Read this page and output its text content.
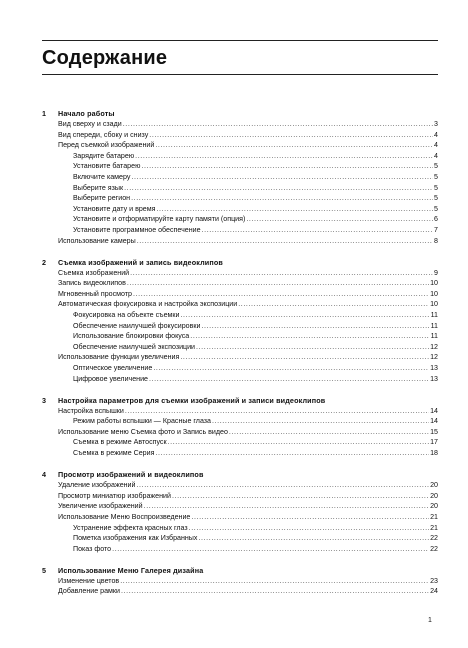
Содержание
1 Начало работы
Вид сверху и сзади .....	3
Вид спереди, сбоку и снизу .....	4
Перед съемкой изображений .....	4
Зарядите батарею .....	4
Установите батарею .....	5
Включите камеру .....	5
Выберите язык .....	5
Выберите регион .....	5
Установите дату и время .....	5
Установите и отформатируйте карту памяти (опция) .....	6
Установите программное обеспечение .....	7
Использование камеры .....	8
2 Съемка изображений и запись видеоклипов
Съемка изображений .....	9
Запись видеоклипов .....	10
Мгновенный просмотр .....	10
Автоматическая фокусировка и настройка экспозиции .....	10
Фокусировка на объекте съемки .....	11
Обеспечение наилучшей фокусировки .....	11
Использование блокировки фокуса .....	11
Обеспечение наилучшей экспозиции .....	12
Использование функции увеличения .....	12
Оптическое увеличение .....	13
Цифровое увеличение .....	13
3 Настройка параметров для съемки изображений и записи видеоклипов
Настройка вспышки .....	14
Режим работы вспышки — Красные глаза .....	14
Использование меню Съемка фото и Запись видео .....	15
Съемка в режиме Автоспуск .....	17
Съемка в режиме Серия .....	18
4 Просмотр изображений и видеоклипов
Удаление изображений .....	20
Просмотр миниатюр изображений .....	20
Увеличение изображений .....	20
Использование Меню Воспроизведение .....	21
Устранение эффекта красных глаз .....	21
Пометка изображения как Избранных .....	22
Показ фото .....	22
5 Использование Меню Галерея дизайна
Изменение цветов .....	23
Добавление рамки .....	24
1
